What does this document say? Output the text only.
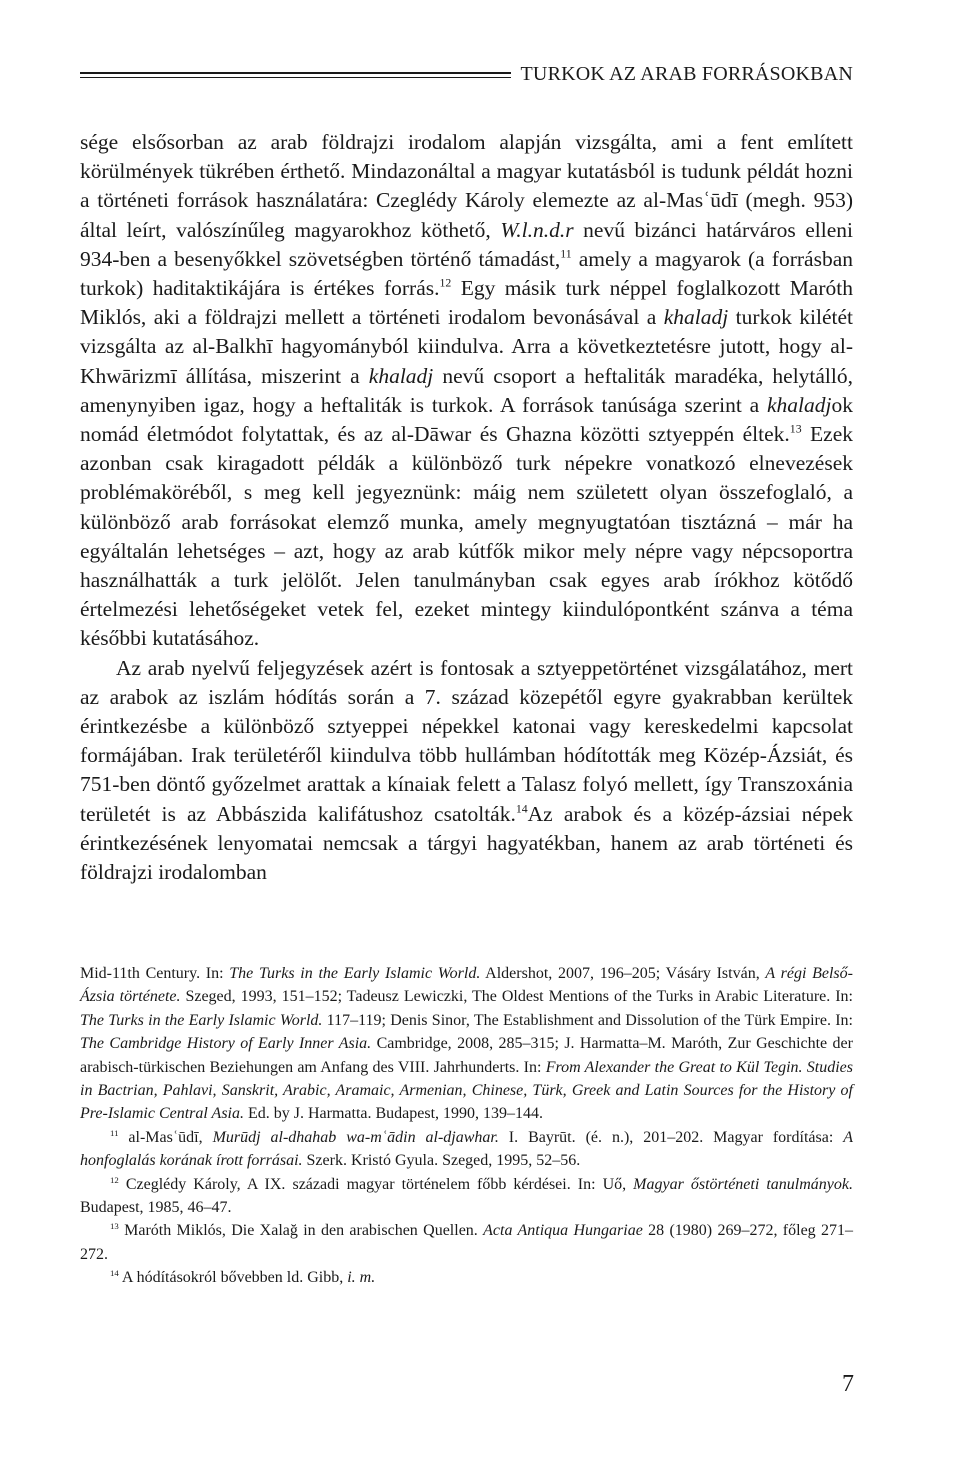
TURKOK AZ ARAB FORRÁSOKBAN

sége elsősorban az arab földrajzi irodalom alapján vizsgálta, ami a fent említett körülmények tükrében érthető. Mindazonáltal a magyar kutatásból is tudunk példát hozni a történeti források használatára: Czeglédy Károly elemezte az al-Masʿūdī (megh. 953) által leírt, valószínűleg magyarokhoz köthető, W.l.n.d.r nevű bizánci határváros elleni 934-ben a besenyőkkel szövetségben történő támadást,$^{11}$ amely a magyarok (a forrásban turkok) haditaktikájára is értékes forrás.$^{12}$ Egy másik turk néppel foglalkozott Maróth Miklós, aki a földrajzi mellett a történeti irodalom bevonásával a khaladj turkok kilétét vizsgálta az al-Balkhī hagyományból kiindulva. Arra a következtetésre jutott, hogy al-Khwārizmī állítása, miszerint a khaladj nevű csoport a heftaliták maradéka, helytálló, amenynyiben igaz, hogy a heftaliták is turkok. A források tanúsága szerint a khaladjok nomád életmódot folytattak, és az al-Dāwar és Ghazna közötti sztyeppén éltek.$^{13}$ Ezek azonban csak kiragadott példák a különböző turk népekre vonatkozó elnevezések problémaköréből, s meg kell jegyeznünk: máig nem született olyan összefoglaló, a különböző arab forrásokat elemző munka, amely megnyugtatóan tisztázná – már ha egyáltalán lehetséges – azt, hogy az arab kútfők mikor mely népre vagy népcsoportra használhatták a turk jelölőt. Jelen tanulmányban csak egyes arab írókhoz kötődő értelmezési lehetőségeket vetek fel, ezeket mintegy kiindulópontként szánva a téma későbbi kutatásához.

Az arab nyelvű feljegyzések azért is fontosak a sztyeppetörténet vizsgálatához, mert az arabok az iszlám hódítás során a 7. század közepétől egyre gyakrabban kerültek érintkezésbe a különböző sztyeppei népekkel katonai vagy kereskedelmi kapcsolat formájában. Irak területéről kiindulva több hullámban hódították meg Közép-Ázsiát, és 751-ben döntő győzelmet arattak a kínaiak felett a Talasz folyó mellett, így Transzoxánia területét is az Abbászida kalifátushoz csatolták.$^{14}$Az arabok és a közép-ázsiai népek érintkezésének lenyomatai nemcsak a tárgyi hagyatékban, hanem az arab történeti és földrajzi irodalomban

Mid-11th Century. In: The Turks in the Early Islamic World. Aldershot, 2007, 196–205; Vásáry István, A régi Belső-Ázsia története. Szeged, 1993, 151–152; Tadeusz Lewiczki, The Oldest Mentions of the Turks in Arabic Literature. In: The Turks in the Early Islamic World. 117–119; Denis Sinor, The Establishment and Dissolution of the Türk Empire. In: The Cambridge History of Early Inner Asia. Cambridge, 2008, 285–315; J. Harmatta–M. Maróth, Zur Geschichte der arabisch-türkischen Beziehungen am Anfang des VIII. Jahrhunderts. In: From Alexander the Great to Kül Tegin. Studies in Bactrian, Pahlavi, Sanskrit, Arabic, Aramaic, Armenian, Chinese, Türk, Greek and Latin Sources for the History of Pre-Islamic Central Asia. Ed. by J. Harmatta. Budapest, 1990, 139–144.

$^{11}$ al-Masʿūdī, Murūdj al-dhahab wa-mʿādin al-djawhar. I. Bayrūt. (é. n.), 201–202. Magyar fordítása: A honfoglalás korának írott forrásai. Szerk. Kristó Gyula. Szeged, 1995, 52–56.

$^{12}$ Czeglédy Károly, A IX. századi magyar történelem főbb kérdései. In: Uő, Magyar őstörténeti tanulmányok. Budapest, 1985, 46–47.

$^{13}$ Maróth Miklós, Die Xalağ in den arabischen Quellen. Acta Antiqua Hungariae 28 (1980) 269–272, főleg 271–272.

$^{14}$ A hódításokról bővebben ld. Gibb, i. m.

7
